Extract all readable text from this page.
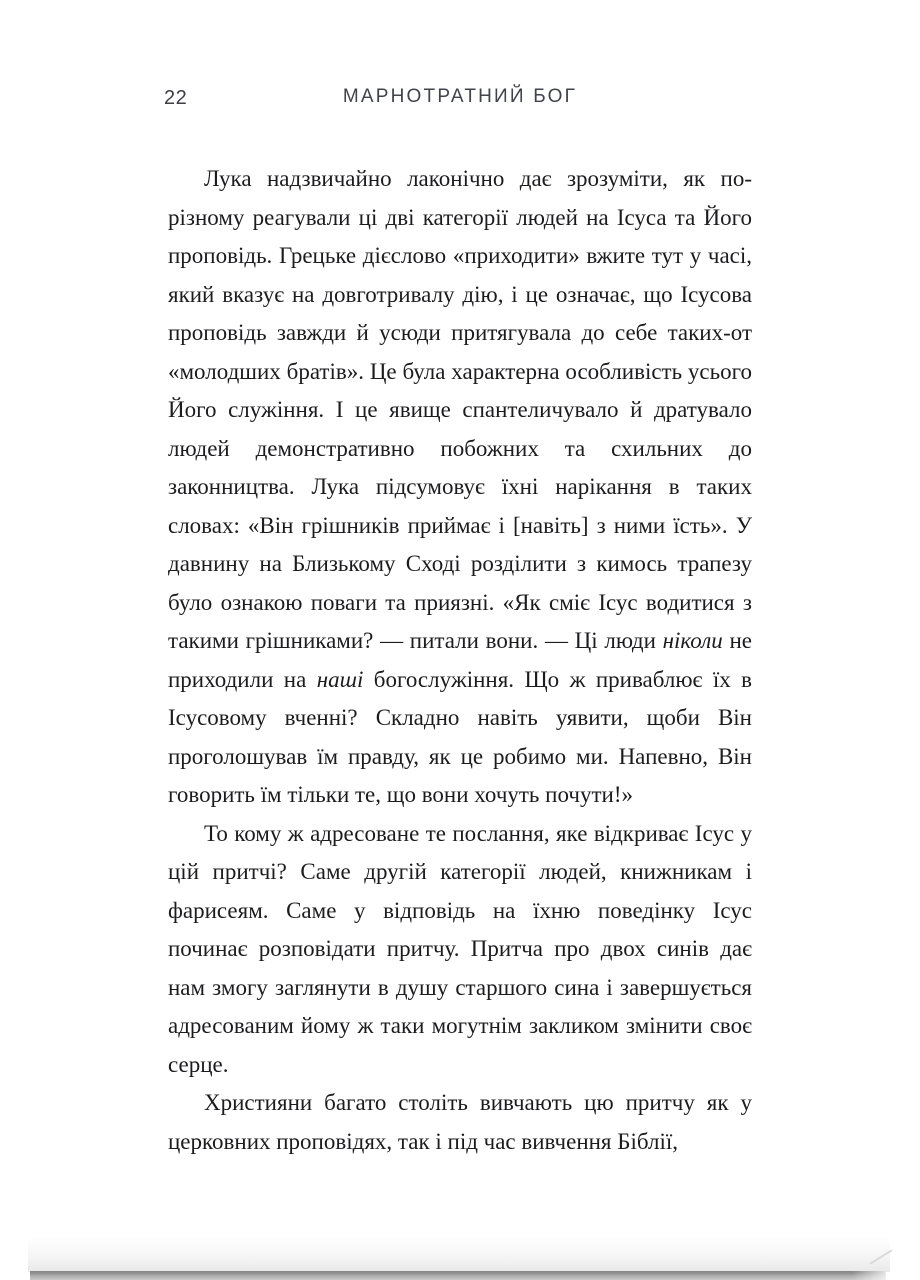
22	МАРНОТРАТНИЙ БОГ

Лука надзвичайно лаконічно дає зрозуміти, як по-різному реагували ці дві категорії людей на Ісуса та Його проповідь. Грецьке дієслово «приходити» вжите тут у часі, який вказує на довготривалу дію, і це означає, що Ісусова проповідь завжди й усюди притягувала до себе таких-от «молодших братів». Це була характерна особливість усього Його служіння. І це явище спантеличувало й дратувало людей демонстративно побожних та схильних до законництва. Лука підсумовує їхні нарікання в таких словах: «Він грішників приймає і [навіть] з ними їсть». У давнину на Близькому Сході розділити з кимось трапезу було ознакою поваги та приязні. «Як сміє Ісус водитися з такими грішниками? — питали вони. — Ці люди ніколи не приходили на наші богослужіння. Що ж приваблює їх в Ісусовому вченні? Складно навіть уявити, щоби Він проголошував їм правду, як це робимо ми. Напевно, Він говорить їм тільки те, що вони хочуть почути!»

То кому ж адресоване те послання, яке відкриває Ісус у цій притчі? Саме другій категорії людей, книжникам і фарисеям. Саме у відповідь на їхню поведінку Ісус починає розповідати притчу. Притча про двох синів дає нам змогу заглянути в душу старшого сина і завершується адресованим йому ж таки могутнім закликом змінити своє серце.

Християни багато століть вивчають цю притчу як у церковних проповідях, так і під час вивчення Біблії,
